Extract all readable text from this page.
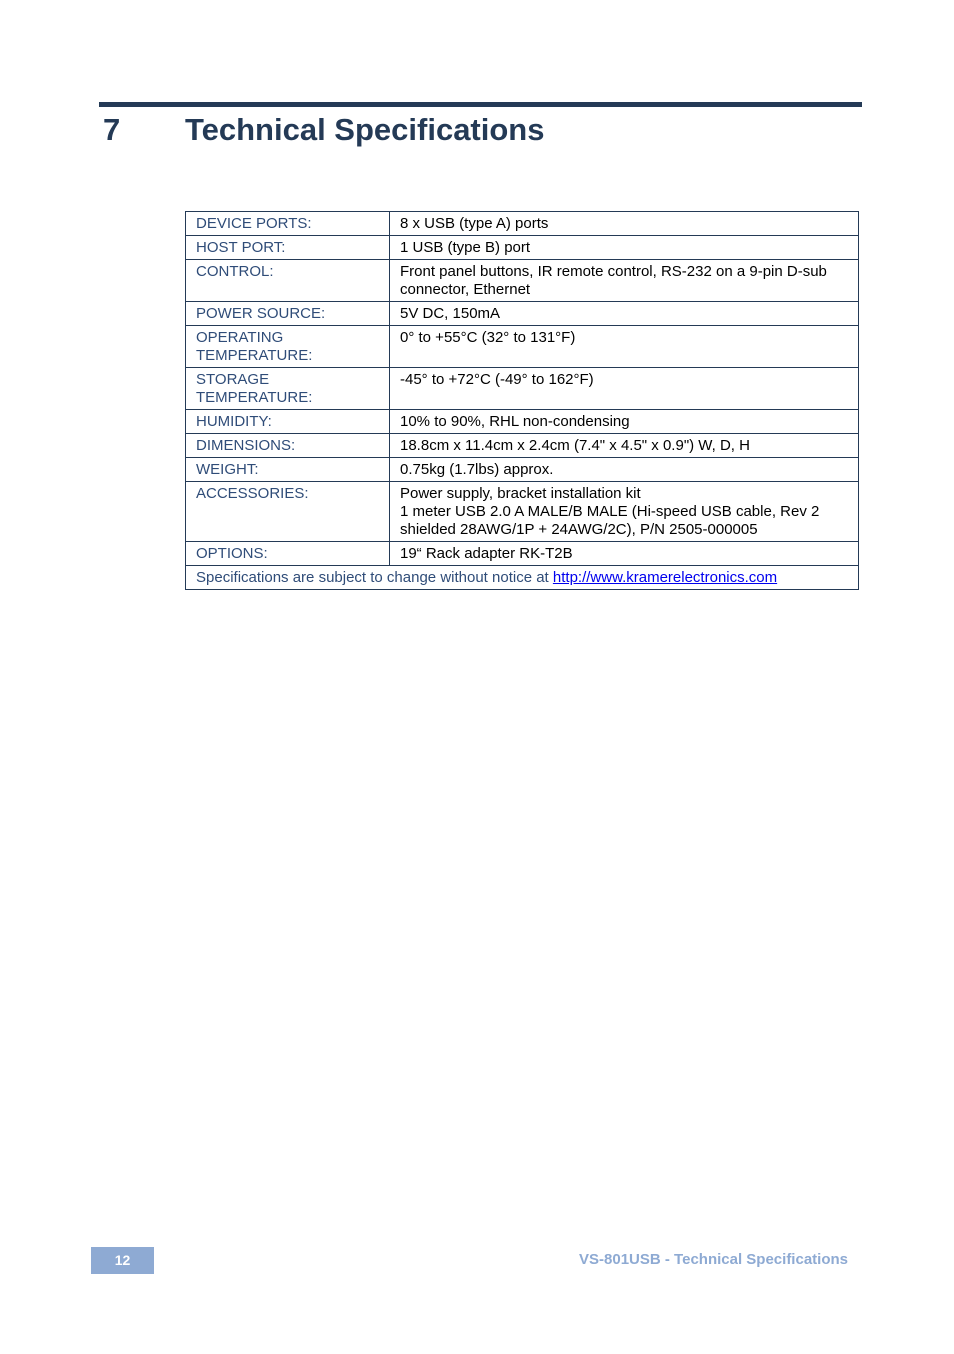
7 Technical Specifications
DEVICE PORTS:	8 x USB (type A) ports

HOST PORT:	1 USB (type B) port

CONTROL:	Front panel buttons, IR remote control, RS-232 on a 9-pin D-sub connector, Ethernet

POWER SOURCE:	5V DC, 150mA

OPERATING TEMPERATURE:	0° to +55°C (32° to 131°F)

STORAGE TEMPERATURE:	-45° to +72°C (-49° to 162°F)

HUMIDITY:	10% to 90%, RHL non-condensing

DIMENSIONS:	18.8cm x 11.4cm x 2.4cm (7.4" x 4.5" x 0.9") W, D, H

WEIGHT:	0.75kg (1.7lbs) approx.

ACCESSORIES:	Power supply, bracket installation kit
1 meter USB 2.0 A MALE/B MALE (Hi-speed USB cable, Rev 2 shielded 28AWG/1P + 24AWG/2C), P/N 2505-000005

OPTIONS:	19“ Rack adapter RK-T2B

Specifications are subject to change without notice at http://www.kramerelectronics.com	
12	VS-801USB - Technical Specifications
